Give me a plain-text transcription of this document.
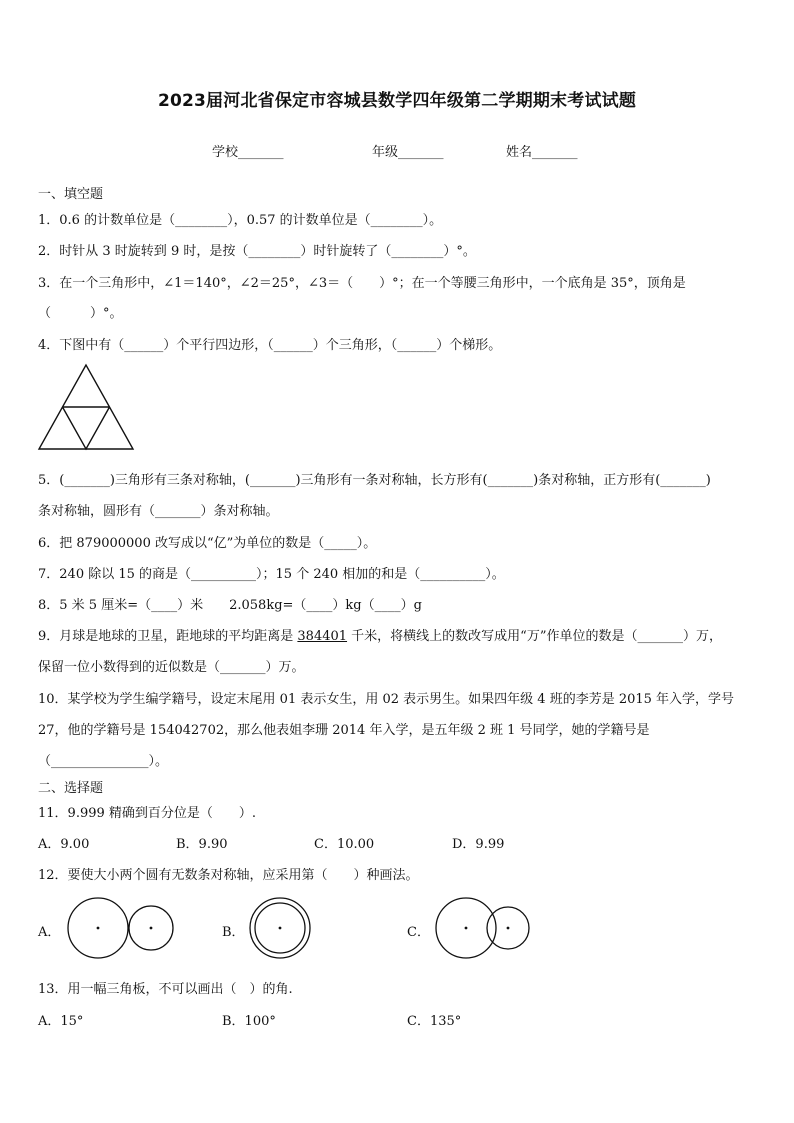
2023届河北省保定市容城县数学四年级第二学期期末考试试题
学校_______	年级_______	姓名_______
一、填空题
1．0.6 的计数单位是（________），0.57 的计数单位是（________）。
2．时针从 3 时旋转到 9 时，是按（________）时针旋转了（________）°。
3．在一个三角形中，∠1＝140°，∠2＝25°，∠3＝（　　）°；在一个等腰三角形中，一个底角是 35°，顶角是
（　　　）°。
4．下图中有（______）个平行四边形，（______）个三角形，（______）个梯形。
5．(_______)三角形有三条对称轴，(_______)三角形有一条对称轴，长方形有(_______)条对称轴，正方形有(_______)
条对称轴，圆形有（_______）条对称轴。
6．把 879000000 改写成以“亿”为单位的数是（_____）。
7．240 除以 15 的商是（__________）；15 个 240 相加的和是（__________）。
8．5 米 5 厘米=（____）米　　2.058kg=（____）kg（____）g
9．月球是地球的卫星，距地球的平均距离是 384401 千米，将横线上的数改写成用“万”作单位的数是（_______）万，
保留一位小数得到的近似数是（_______）万。
10．某学校为学生编学籍号，设定末尾用 01 表示女生，用 02 表示男生。如果四年级 4 班的李芳是 2015 年入学，学号
27，他的学籍号是 154042702，那么他表姐李珊 2014 年入学，是五年级 2 班 1 号同学，她的学籍号是
（_______________）。
二、选择题
11．9.999 精确到百分位是（　　）.
A．9.00	B．9.90	C．10.00	D．9.99
12．要使大小两个圆有无数条对称轴，应采用第（　　）种画法。
A．	B．	C．
13．用一幅三角板，不可以画出（　）的角.
A．15°	B．100°	C．135°
